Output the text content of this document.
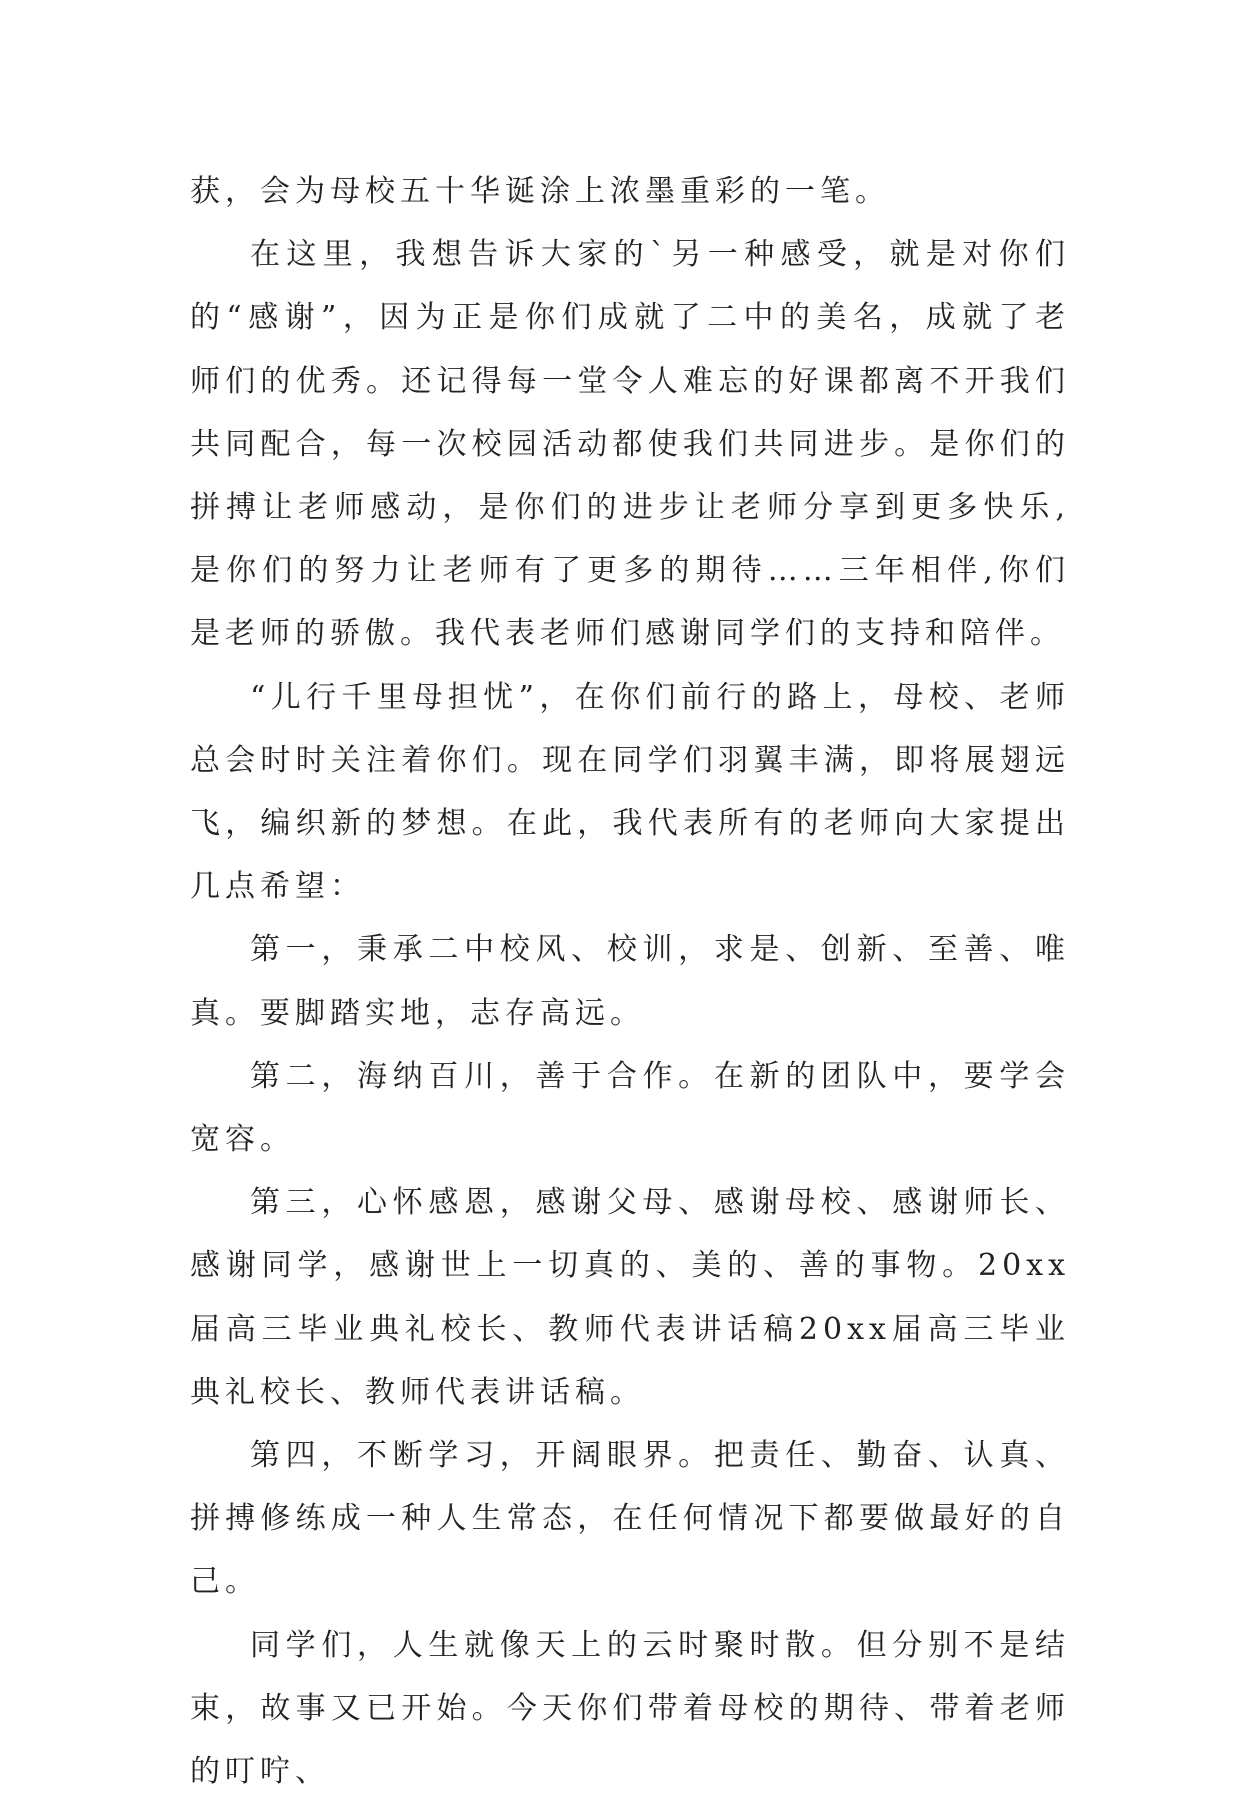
获，会为母校五十华诞涂上浓墨重彩的一笔。

在这里，我想告诉大家的`另一种感受，就是对你们的“感谢”，因为正是你们成就了二中的美名，成就了老师们的优秀。还记得每一堂令人难忘的好课都离不开我们共同配合，每一次校园活动都使我们共同进步。是你们的拼搏让老师感动，是你们的进步让老师分享到更多快乐,是你们的努力让老师有了更多的期待……三年相伴,你们是老师的骄傲。我代表老师们感谢同学们的支持和陪伴。

“儿行千里母担忧”，在你们前行的路上，母校、老师总会时时关注着你们。现在同学们羽翼丰满，即将展翅远飞，编织新的梦想。在此，我代表所有的老师向大家提出几点希望：

第一，秉承二中校风、校训，求是、创新、至善、唯真。要脚踏实地，志存高远。

第二，海纳百川，善于合作。在新的团队中，要学会宽容。

第三，心怀感恩，感谢父母、感谢母校、感谢师长、感谢同学，感谢世上一切真的、美的、善的事物。20xx届高三毕业典礼校长、教师代表讲话稿20xx届高三毕业典礼校长、教师代表讲话稿。

第四，不断学习，开阔眼界。把责任、勤奋、认真、拼搏修练成一种人生常态，在任何情况下都要做最好的自己。

同学们，人生就像天上的云时聚时散。但分别不是结束，故事又已开始。今天你们带着母校的期待、带着老师的叮咛、
